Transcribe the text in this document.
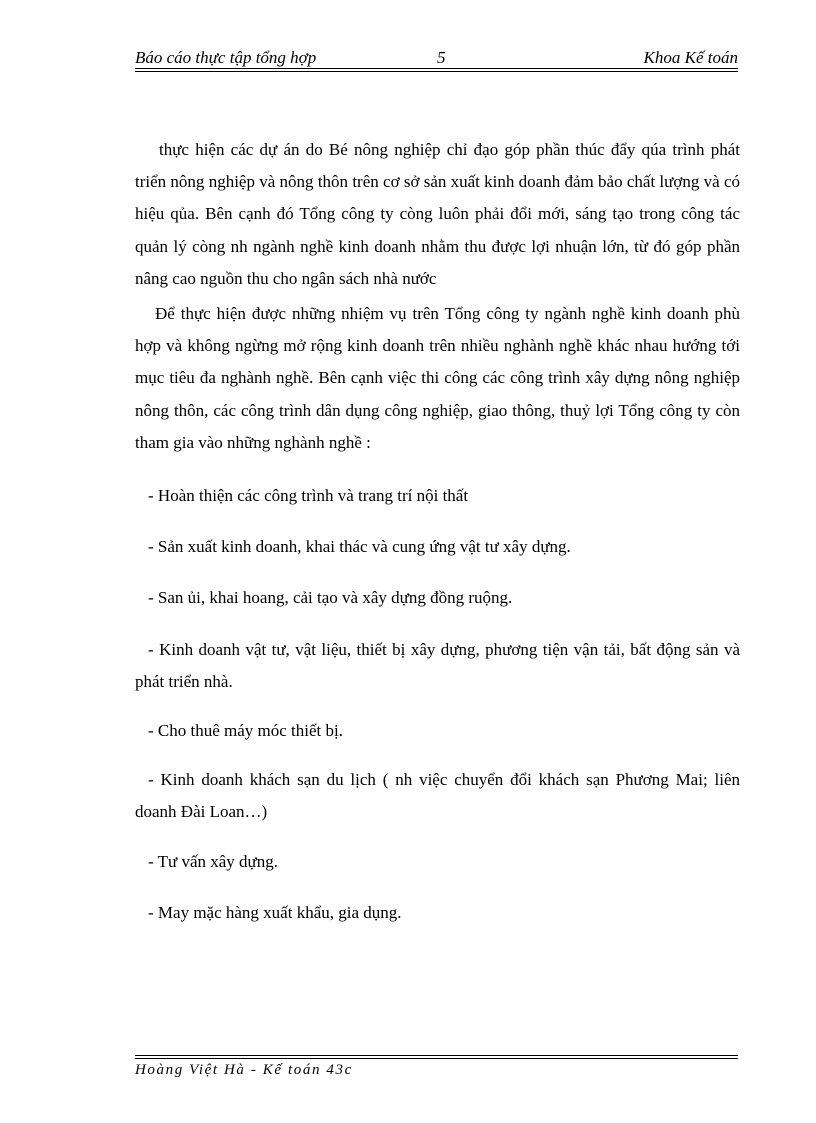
Báo cáo thực tập tổng hợp	5	Khoa Kế toán

thực hiện các dự án do Bé nông nghiệp chỉ đạo góp phần thúc đẩy qúa trình phát triển nông nghiệp và nông thôn trên cơ sở sản xuất kinh doanh đảm bảo chất lượng và có hiệu qủa. Bên cạnh đó Tổng công ty còng luôn phải đổi mới, sáng tạo trong công tác quản lý còng nh ngành nghề kinh doanh nhằm thu được lợi nhuận lớn, từ đó góp phần nâng cao nguồn thu cho ngân sách nhà nước

Để thực hiện được những nhiệm vụ trên Tổng công ty ngành nghề kinh doanh phù hợp và không ngừng mở rộng kinh doanh trên nhiều nghành nghề khác nhau hướng tới mục tiêu đa nghành nghề. Bên cạnh việc thi công các công trình xây dựng nông nghiệp nông thôn, các công trình dân dụng công nghiệp, giao thông, thuỷ lợi Tổng công ty còn tham gia vào những nghành nghề :

- Hoàn thiện các công trình và trang trí nội thất

- Sản xuất kinh doanh, khai thác và cung ứng vật tư xây dựng.

- San ủi, khai hoang, cải tạo và xây dựng đồng ruộng.

- Kinh doanh vật tư, vật liệu, thiết bị xây dựng, phương tiện vận tải, bất động sản và phát triển nhà.

- Cho thuê máy móc thiết bị.

- Kinh doanh khách sạn du lịch ( nh việc chuyển đổi khách sạn Phương Mai; liên doanh Đài Loan…)

- Tư vấn xây dựng.

- May mặc hàng xuất khẩu, gia dụng.

Hoàng Việt Hà - Kế toán 43c
